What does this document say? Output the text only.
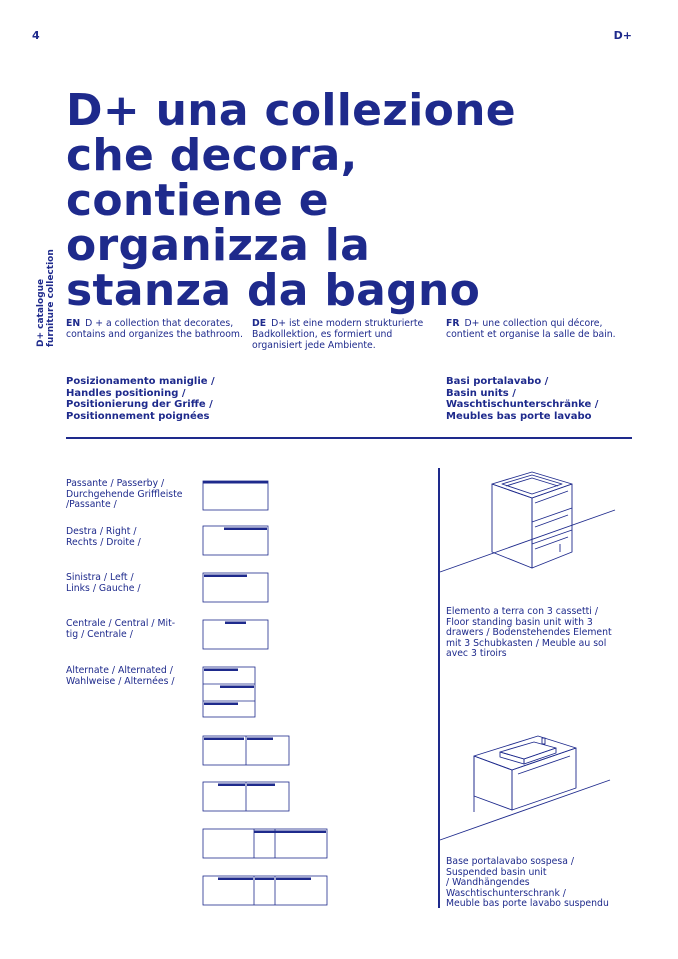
4	D+
D+ catalogue furniture collection
D+ una collezione
che decora,
contiene e
organizza la
stanza da bagno
EN D + a collection that decorates, contains and organizes the bathroom.
DE D+ ist eine modern strukturierte Badkollektion, es formiert und organisiert jede Ambiente.
FR D+ une collection qui décore, contient et organise la salle de bain.
Posizionamento maniglie /
Handles positioning /
Positionierung der Griffe /
Positionnement poignées
Basi portalavabo /
Basin units /
Waschtischunterschränke /
Meubles bas porte lavabo
Passante / Passerby /
Durchgehende Griffleiste
/Passante /
Destra / Right /
Rechts / Droite /
Sinistra / Left /
Links / Gauche /
Centrale / Central / Mit-
tig / Centrale /
Alternate / Alternated /
Wahlweise / Alternées /
Elemento a terra con 3 cassetti /
Floor standing basin unit with 3
drawers / Bodenstehendes Element
mit 3 Schubkasten / Meuble au sol
avec 3 tiroirs
Base portalavabo sospesa /
Suspended basin unit
/ Wandhängendes
Waschtischunterschrank /
Meuble bas porte lavabo suspendu
